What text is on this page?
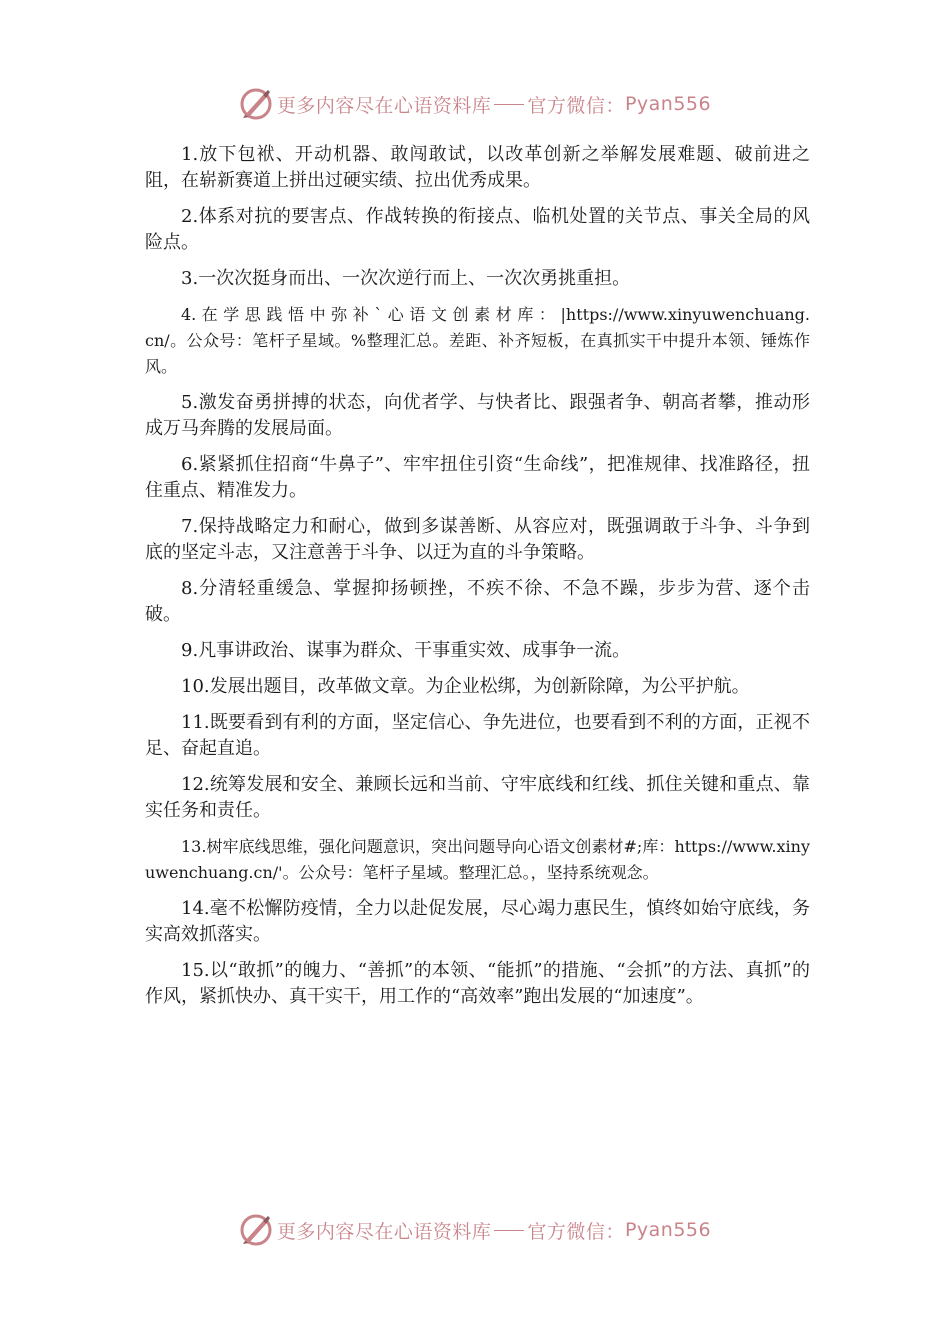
更多内容尽在心语资料库 官方微信： Pyan556

1.放下包袱、开动机器、敢闯敢试，以改革创新之举解发展难题、破前进之阻，在崭新赛道上拼出过硬实绩、拉出优秀成果。

2.体系对抗的要害点、作战转换的衔接点、临机处置的关节点、事关全局的风险点。

3.一次次挺身而出、一次次逆行而上、一次次勇挑重担。

4. 在 学 思 践 悟 中 弥 补 ` 心 语 文 创 素 材 库 ： |https://www.xinyuwenchuang.cn/。公众号：笔杆子星域。%整理汇总。差距、补齐短板，在真抓实干中提升本领、锤炼作风。

5.激发奋勇拼搏的状态，向优者学、与快者比、跟强者争、朝高者攀，推动形成万马奔腾的发展局面。

6.紧紧抓住招商“牛鼻子”、牢牢扭住引资“生命线”，把准规律、找准路径，扭住重点、精准发力。

7.保持战略定力和耐心，做到多谋善断、从容应对，既强调敢于斗争、斗争到底的坚定斗志，又注意善于斗争、以迂为直的斗争策略。

8.分清轻重缓急、掌握抑扬顿挫，不疾不徐、不急不躁，步步为营、逐个击破。

9.凡事讲政治、谋事为群众、干事重实效、成事争一流。

10.发展出题目，改革做文章。为企业松绑，为创新除障，为公平护航。

11.既要看到有利的方面，坚定信心、争先进位，也要看到不利的方面，正视不足、奋起直追。

12.统筹发展和安全、兼顾长远和当前、守牢底线和红线、抓住关键和重点、靠实任务和责任。

13.树牢底线思维，强化问题意识，突出问题导向心语文创素材#;库：https://www.xinyuwenchuang.cn/'。公众号：笔杆子星域。整理汇总。，坚持系统观念。

14.毫不松懈防疫情，全力以赴促发展，尽心竭力惠民生，慎终如始守底线，务实高效抓落实。

15.以“敢抓”的魄力、“善抓”的本领、“能抓”的措施、“会抓”的方法、真抓”的作风，紧抓快办、真干实干，用工作的“高效率”跑出发展的“加速度”。

更多内容尽在心语资料库 官方微信： Pyan556
